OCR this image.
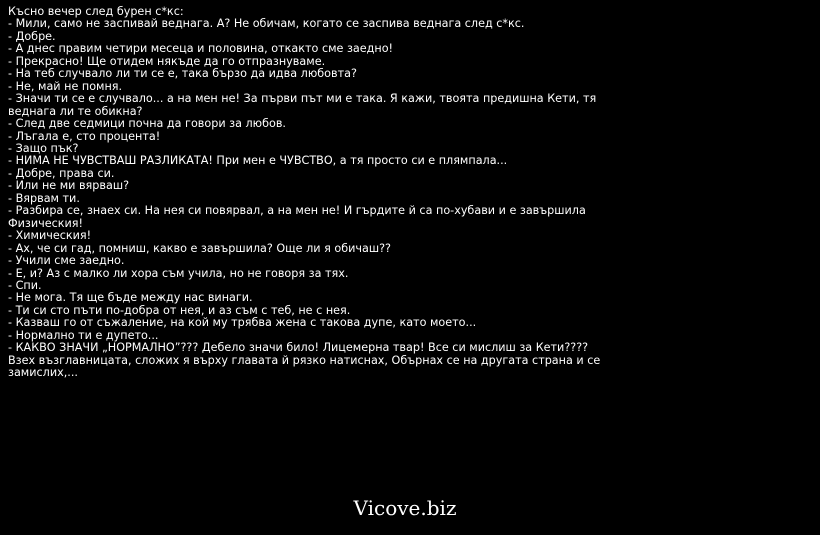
Късно вечер след бурен с*кс:
- Мили, само не заспивай веднага. А? Не обичам, когато се заспива веднага след с*кс.
- Добре.
- А днес правим четири месеца и половина, откакто сме заедно!
- Прекрасно! Ще отидем някъде да го отпразнуваме.
- На теб случвало ли ти се е, така бързо да идва любовта?
- Не, май не помня.
- Значи ти се е случвало... а на мен не! За първи път ми е така. Я кажи, твоята предишна Кети, тя веднага ли те обикна?
- След две седмици почна да говори за любов.
- Лъгала е, сто процента!
- Защо пък?
- НИМА НЕ ЧУВСТВАШ РАЗЛИКАТА! При мен е ЧУВСТВО, а тя просто си е плямпала...
- Добре, права си.
- Или не ми вярваш?
- Вярвам ти.
- Разбира се, знаех си. На нея си повярвал, а на мен не! И гърдите й са по-хубави и е завършила Физическия!
- Химическия!
- Ах, че си гад, помниш, какво е завършила? Още ли я обичаш??
- Учили сме заедно.
- Е, и? Аз с малко ли хора съм учила, но не говоря за тях.
- Спи.
- Не мога. Тя ще бъде между нас винаги.
- Ти си сто пъти по-добра от нея, и аз съм с теб, не с нея.
- Казваш го от съжаление, на кой му трябва жена с такова дупе, като моето...
- Нормално ти е дупето...
- КАКВО ЗНАЧИ „НОРМАЛНО”??? Дебело значи било! Лицемерна твар! Все си мислиш за Кети????
Взех възглавницата, сложих я върху главата й рязко натиснах, Обърнах се на другата страна и се замислих,...
Vicove.biz
